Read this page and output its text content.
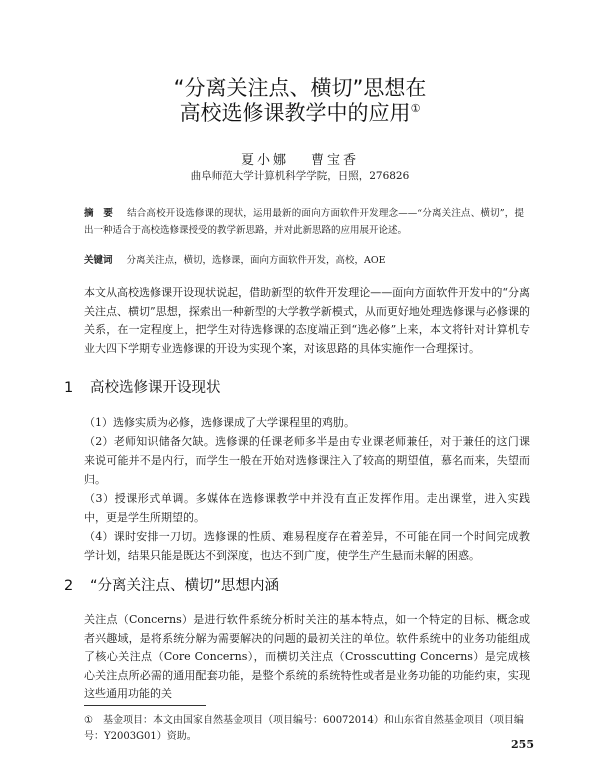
“分离关注点、横切”思想在
高校选修课教学中的应用①
夏小娜 曹宝香
曲阜师范大学计算机科学学院，日照，276826
摘　要 结合高校开设选修课的现状，运用最新的面向方面软件开发理念——“分离关注点、横切”，提出一种适合于高校选修课授受的教学新思路，并对此新思路的应用展开论述。
关键词 分离关注点，横切，选修课，面向方面软件开发，高校，AOE
本文从高校选修课开设现状说起，借助新型的软件开发理论——面向方面软件开发中的“分离关注点、横切”思想，探索出一种新型的大学教学新模式，从而更好地处理选修课与必修课的关系，在一定程度上，把学生对待选修课的态度端正到“选必修”上来，本文将针对计算机专业大四下学期专业选修课的开设为实现个案，对该思路的具体实施作一合理探讨。
1 高校选修课开设现状

（1）选修实质为必修，选修课成了大学课程里的鸡肋。

（2）老师知识储备欠缺。选修课的任课老师多半是由专业课老师兼任，对于兼任的这门课来说可能并不是内行，而学生一般在开始对选修课注入了较高的期望值，慕名而来，失望而归。

（3）授课形式单调。多媒体在选修课教学中并没有直正发挥作用。走出课堂，进入实践中，更是学生所期望的。

（4）课时安排一刀切。选修课的性质、难易程度存在着差异，不可能在同一个时间完成教学计划，结果只能是既达不到深度，也达不到广度，使学生产生悬而未解的困惑。

2 “分离关注点、横切”思想内涵
关注点（Concerns）是进行软件系统分析时关注的基本特点，如一个特定的目标、概念或者兴趣域，是将系统分解为需要解决的问题的最初关注的单位。软件系统中的业务功能组成了核心关注点（Core Concerns），而横切关注点（Crosscutting Concerns）是完成核心关注点所必需的通用配套功能，是整个系统的系统特性或者是业务功能的功能约束，实现这些通用功能的关
① 基金项目：本文由国家自然基金项目（项目编号：60072014）和山东省自然基金项目（项目编号：Y2003G01）资助。
255
